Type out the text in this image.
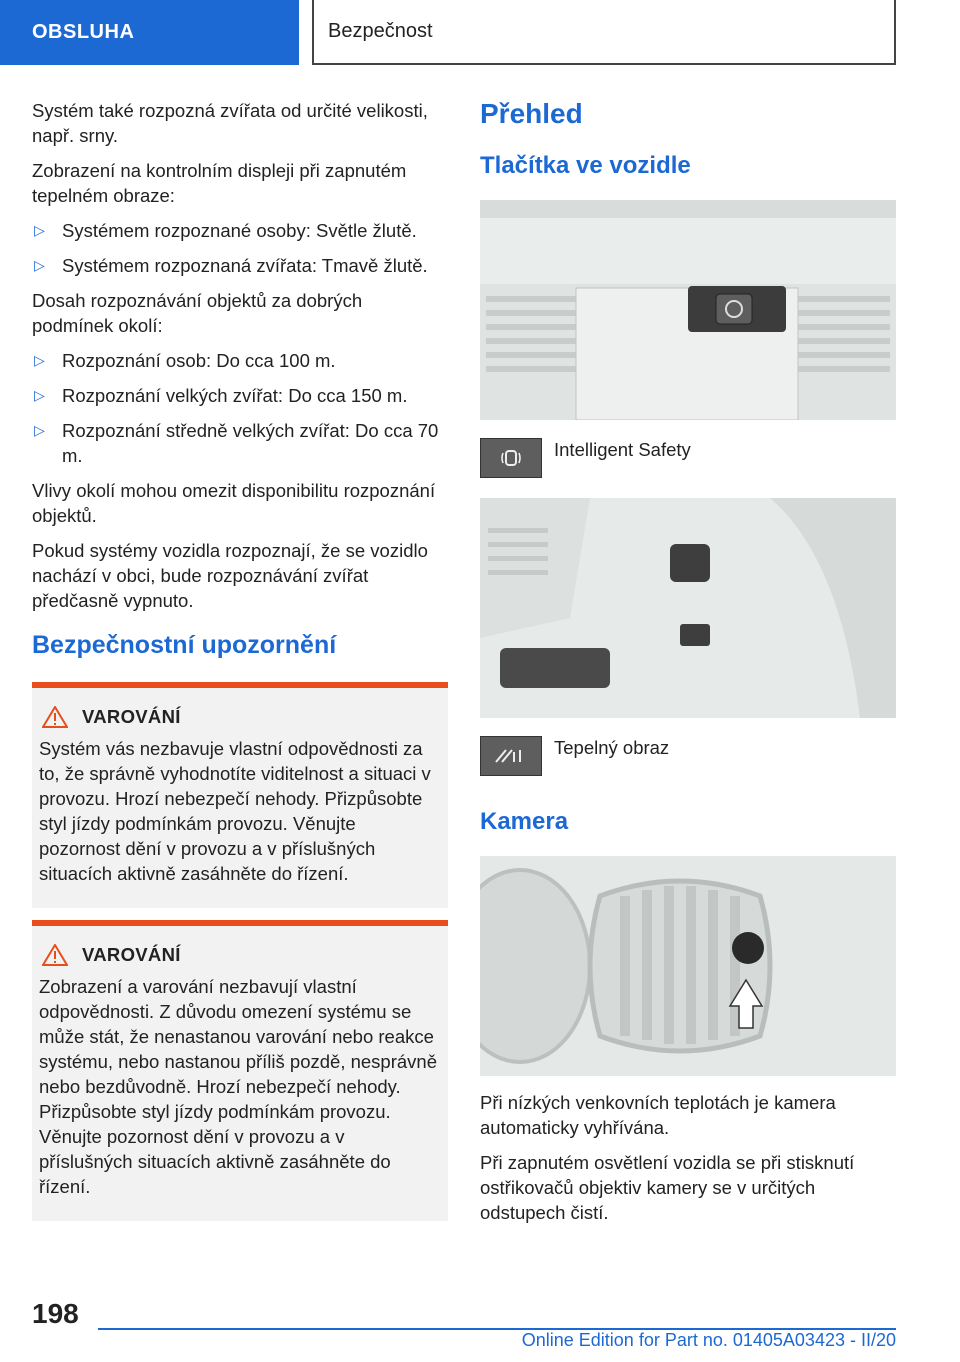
OBSLUHA	Bezpečnost

Systém také rozpozná zvířata od určité velikosti, např. srny.

Zobrazení na kontrolním displeji při zapnutém tepelném obraze:

▷ Systémem rozpoznané osoby: Světle žlutě.
▷ Systémem rozpoznaná zvířata: Tmavě žlutě.

Dosah rozpoznávání objektů za dobrých podmínek okolí:

▷ Rozpoznání osob: Do cca 100 m.
▷ Rozpoznání velkých zvířat: Do cca 150 m.
▷ Rozpoznání středně velkých zvířat: Do cca 70 m.

Vlivy okolí mohou omezit disponibilitu rozpoznání objektů.

Pokud systémy vozidla rozpoznají, že se vozidlo nachází v obci, bude rozpoznávání zvířat předčasně vypnuto.

Bezpečnostní upozornění
VAROVÁNÍ

Systém vás nezbavuje vlastní odpovědnosti za to, že správně vyhodnotíte viditelnost a situaci v provozu. Hrozí nebezpečí nehody. Přizpůsobte styl jízdy podmínkám provozu. Věnujte pozornost dění v provozu a v příslušných situacích aktivně zasáhněte do řízení.

VAROVÁNÍ

Zobrazení a varování nezbavují vlastní odpovědnosti. Z důvodu omezení systému se může stát, že nenastanou varování nebo reakce systému, nebo nastanou příliš pozdě, nesprávně nebo bezdůvodně. Hrozí nebezpečí nehody. Přizpůsobte styl jízdy podmínkám provozu. Věnujte pozornost dění v provozu a v příslušných situacích aktivně zasáhněte do řízení.

Přehled
Tlačítka ve vozidle
Intelligent Safety
Tepelný obraz
Kamera

Při nízkých venkovních teplotách je kamera automaticky vyhřívána.

Při zapnutém osvětlení vozidla se při stisknutí ostřikovačů objektiv kamery se v určitých odstupech čistí.

198
Online Edition for Part no. 01405A03423 - II/20
